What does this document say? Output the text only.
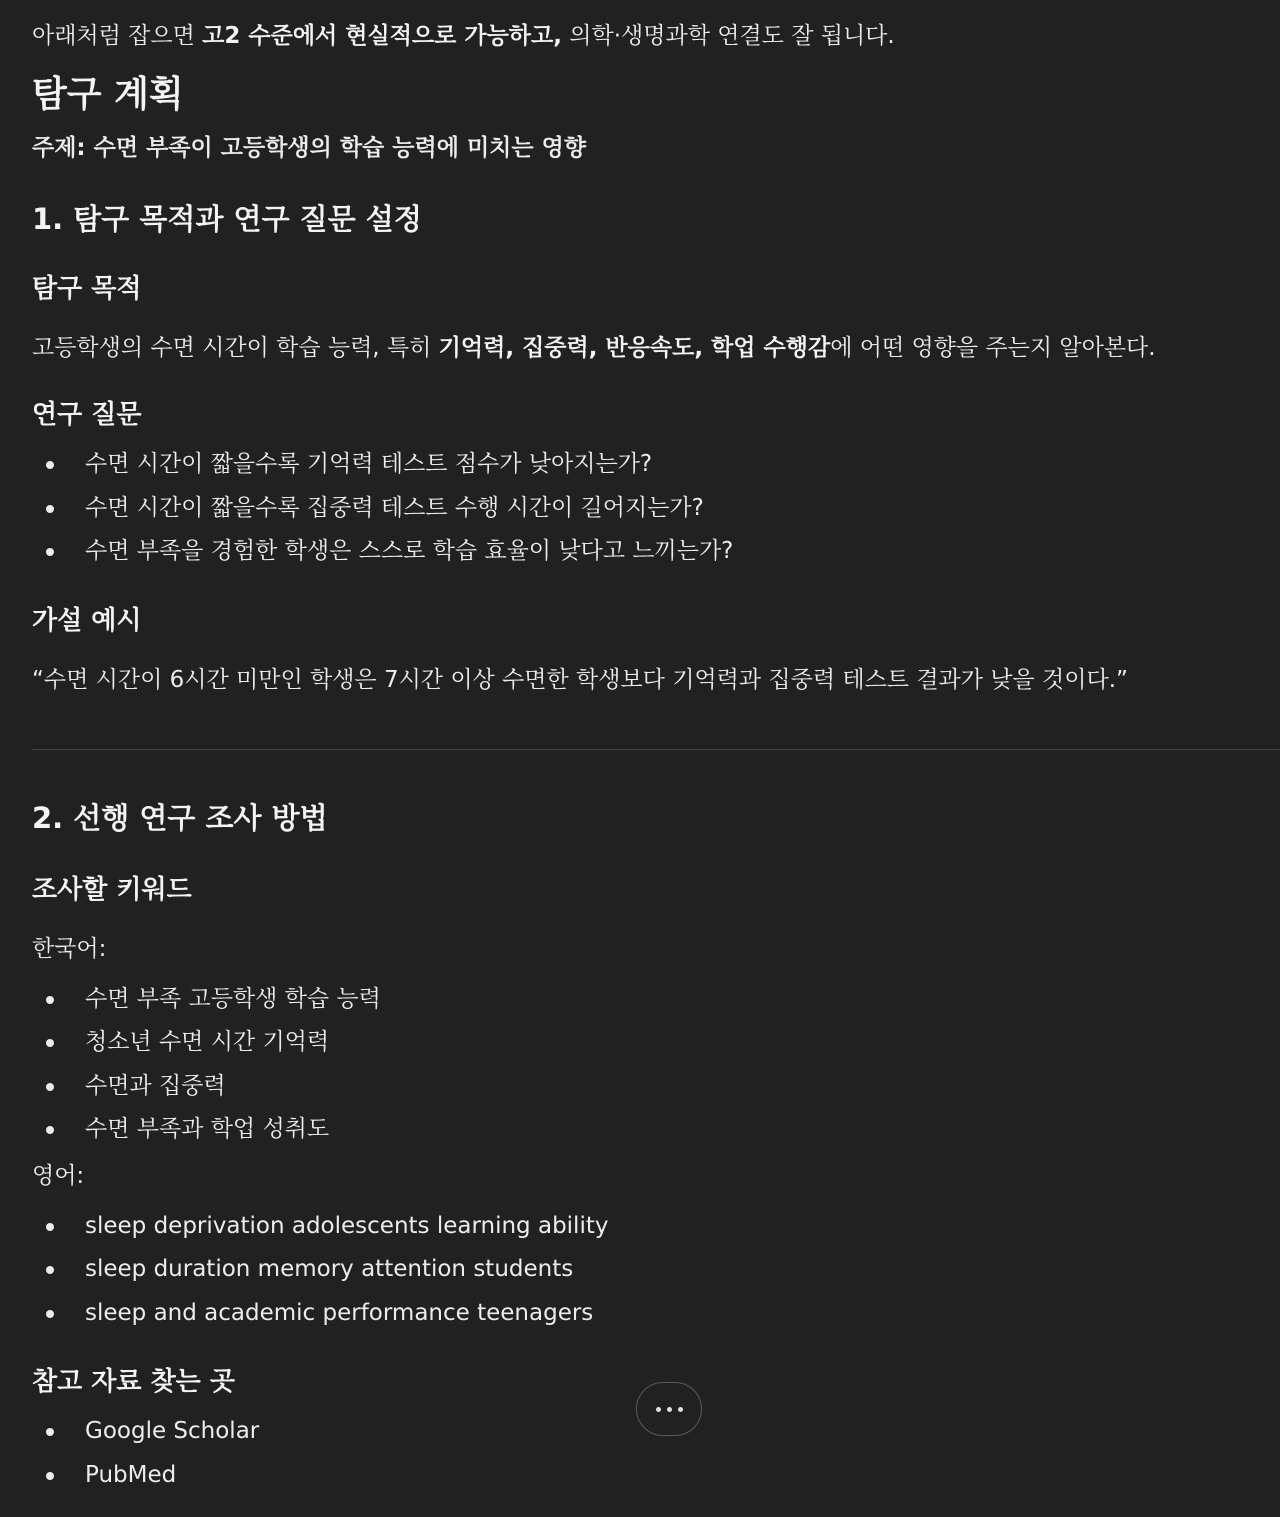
아래처럼 잡으면 고2 수준에서 현실적으로 가능하고, 의학·생명과학 연결도 잘 됩니다.

탐구 계획

주제: 수면 부족이 고등학생의 학습 능력에 미치는 영향

1. 탐구 목적과 연구 질문 설정
탐구 목적

고등학생의 수면 시간이 학습 능력, 특히 기억력, 집중력, 반응속도, 학업 수행감에 어떤 영향을 주는지 알아본다.

연구 질문
수면 시간이 짧을수록 기억력 테스트 점수가 낮아지는가?
수면 시간이 짧을수록 집중력 테스트 수행 시간이 길어지는가?
수면 부족을 경험한 학생은 스스로 학습 효율이 낮다고 느끼는가?
가설 예시

“수면 시간이 6시간 미만인 학생은 7시간 이상 수면한 학생보다 기억력과 집중력 테스트 결과가 낮을 것이다.”

2. 선행 연구 조사 방법
조사할 키워드

한국어:

수면 부족 고등학생 학습 능력
청소년 수면 시간 기억력
수면과 집중력
수면 부족과 학업 성취도

영어:

sleep deprivation adolescents learning ability
sleep duration memory attention students
sleep and academic performance teenagers
참고 자료 찾는 곳
Google Scholar
PubMed
